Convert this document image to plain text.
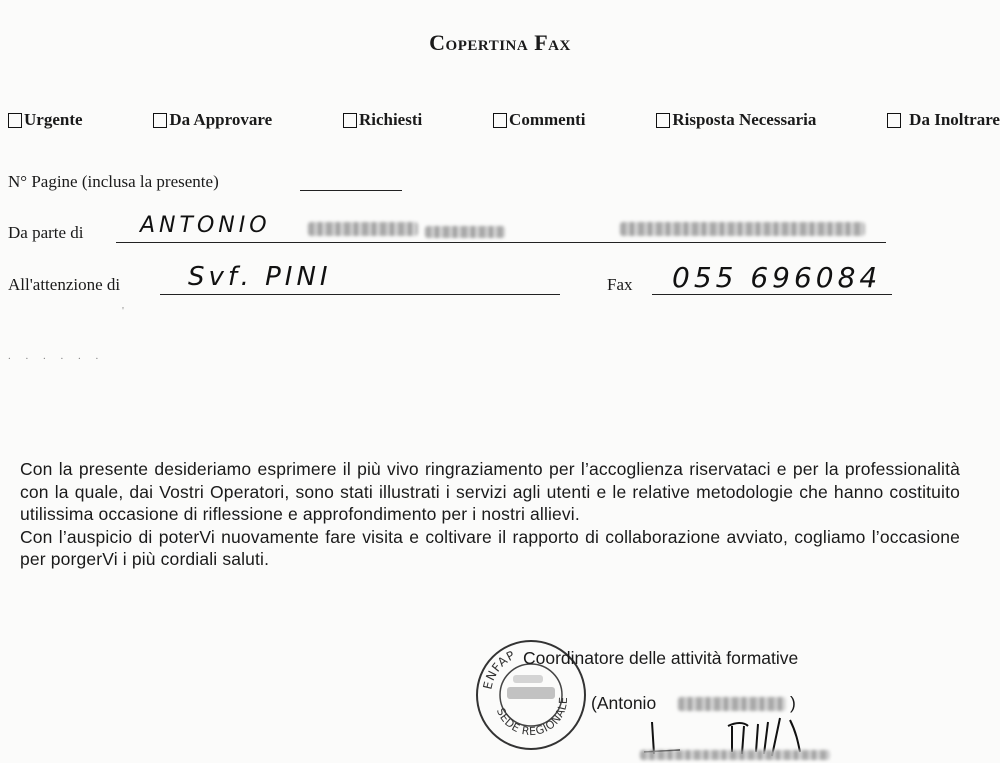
Copertina Fax
Urgente	Da Approvare	Richiesti	Commenti	Risposta Necessaria	Da Inoltrare
N° Pagine (inclusa la presente)
Da parte di	ANTONIO
All'attenzione di	Svf. PINI	Fax 055 696084
'
. . . . . .

Con la presente desideriamo esprimere il più vivo ringraziamento per l’accoglienza riservataci e per la professionalità con la quale, dai Vostri Operatori, sono stati illustrati i servizi agli utenti e le relative metodologie che hanno costituito utilissima occasione di riflessione e approfondimento per i nostri allievi.

Con l’auspicio di poterVi nuovamente fare visita e coltivare il rapporto di collaborazione avviato, cogliamo l’occasione per porgerVi i più cordiali saluti.

ENFAP
SEDE REGIONALE
Coordinatore delle attività formative
(Antonio	)
